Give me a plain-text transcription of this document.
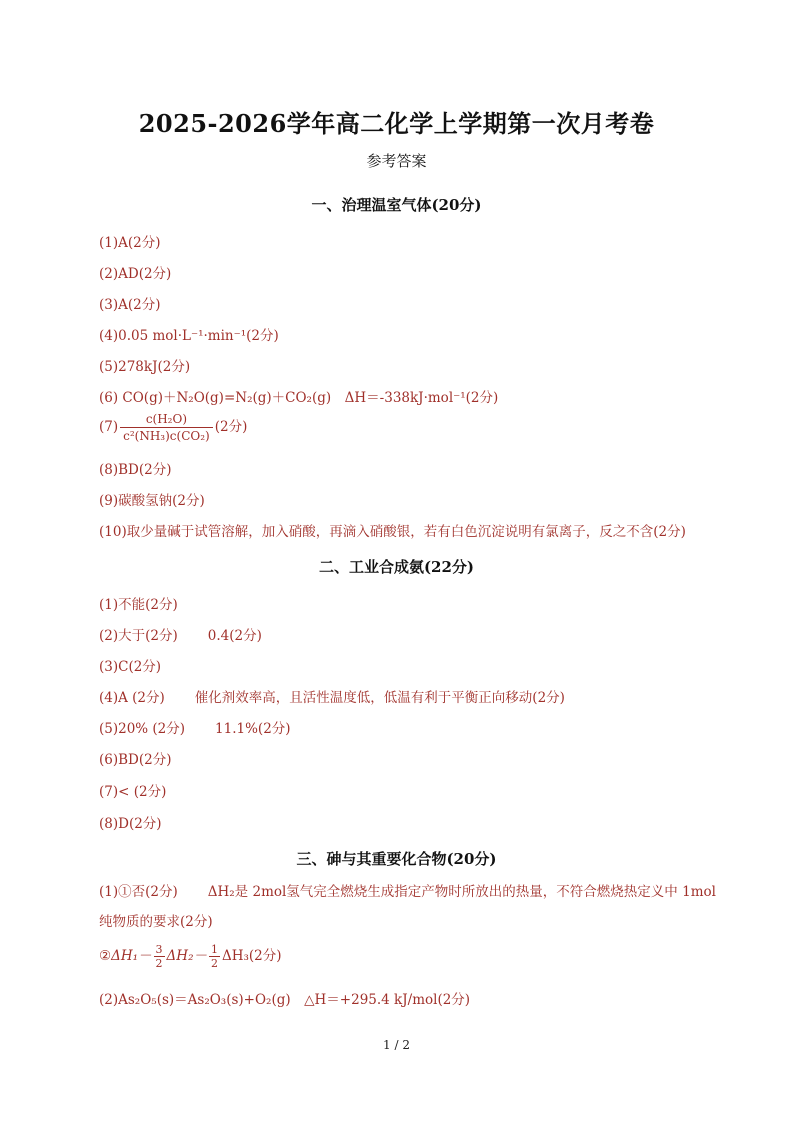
2025-2026学年高二化学上学期第一次月考卷
参考答案
一、治理温室气体(20分)
(1)A(2分)
(2)AD(2分)
(3)A(2分)
(4)0.05 mol·L⁻¹·min⁻¹(2分)
(5)278kJ(2分)
(6) CO(g)＋N₂O(g)=N₂(g)＋CO₂(g)　ΔH＝-338kJ·mol⁻¹(2分)
$(7) \frac{\text{c(H₂O)}}{\text{c²(NH₃)c(CO₂)}} (2$分)
(8)BD(2分)
(9)碳酸氢钠(2分)
(10)取少量碱于试管溶解，加入硝酸，再滴入硝酸银，若有白色沉淀说明有氯离子，反之不含(2分)
二、工业合成氨(22分)
(1)不能(2分)
(2)大于(2分) 0.4(2分)
(3)C(2分)
(4)A (2分) 催化剂效率高，且活性温度低，低温有利于平衡正向移动(2分)
(5)20% (2分) 11.1%(2分)
(6)BD(2分)
(7)< (2分)
(8)D(2分)
三、砷与其重要化合物(20分)
(1)①否(2分) ΔH₂是 2mol氢气完全燃烧生成指定产物时所放出的热量，不符合燃烧热定义中 1mol纯物质的要求(2分)
②ΔH₁－ $\frac{3}{2} \Delta H_2- \frac{1}{2} \Delta H_3(2$分)
(2)As₂O₅(s)＝As₂O₃(s)+O₂(g)　△H＝+295.4 kJ/mol(2分)
1 / 2
